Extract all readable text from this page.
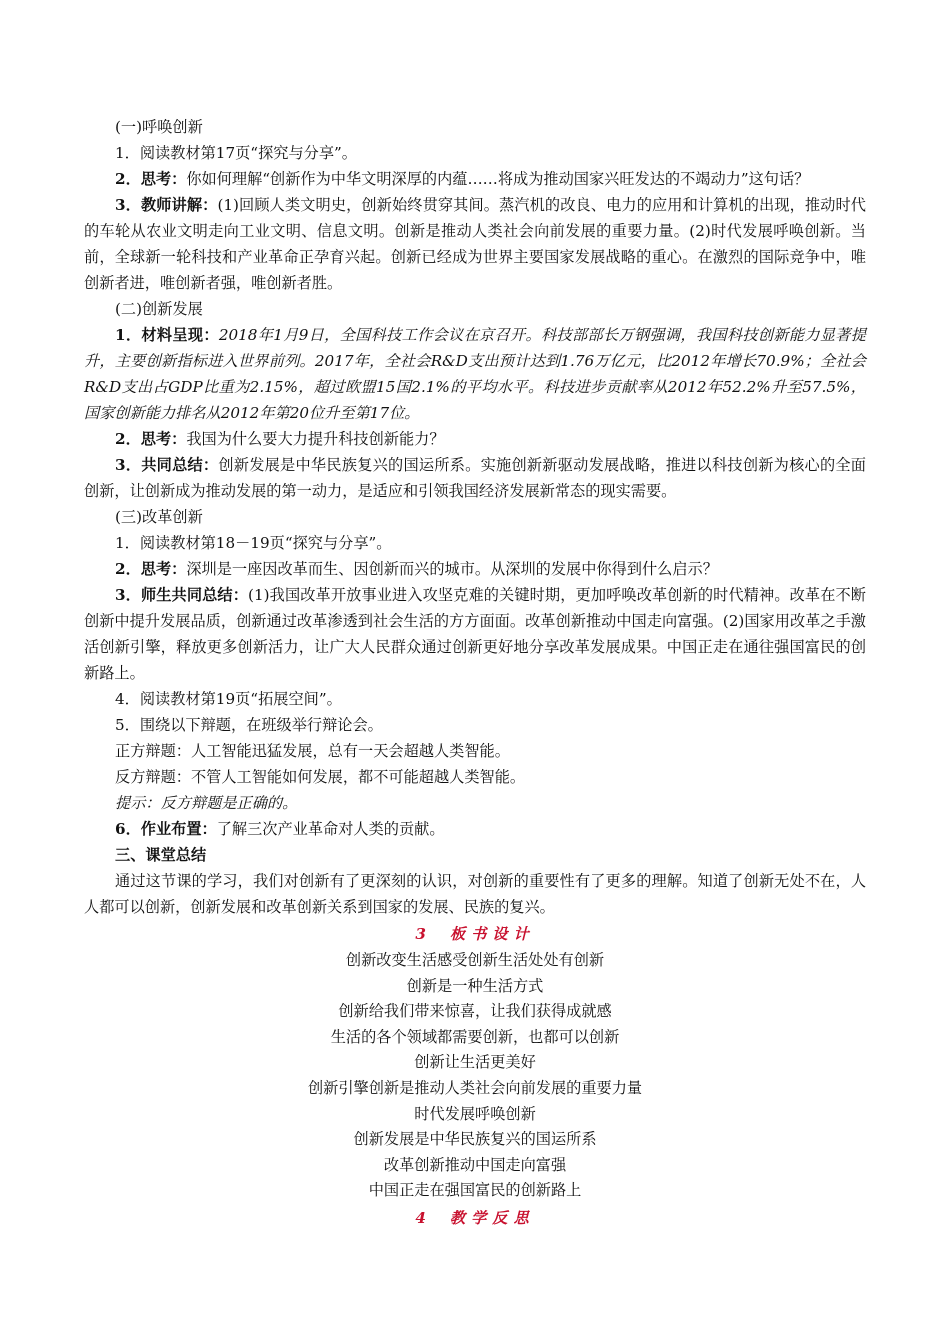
(一)呼唤创新
1．阅读教材第17页“探究与分享”。
2．思考：你如何理解“创新作为中华文明深厚的内蕴……将成为推动国家兴旺发达的不竭动力”这句话？
3．教师讲解：(1)回顾人类文明史，创新始终贯穿其间。蒸汽机的改良、电力的应用和计算机的出现，推动时代的车轮从农业文明走向工业文明、信息文明。创新是推动人类社会向前发展的重要力量。(2)时代发展呼唤创新。当前，全球新一轮科技和产业革命正孕育兴起。创新已经成为世界主要国家发展战略的重心。在激烈的国际竞争中，唯创新者进，唯创新者强，唯创新者胜。
(二)创新发展
1．材料呈现：2018年1月9日，全国科技工作会议在京召开。科技部部长万钢强调，我国科技创新能力显著提升，主要创新指标进入世界前列。2017年，全社会R&D支出预计达到1.76万亿元，比2012年增长70.9%；全社会R&D支出占GDP比重为2.15%，超过欧盟15国2.1%的平均水平。科技进步贡献率从2012年52.2%升至57.5%，国家创新能力排名从2012年第20位升至第17位。
2．思考：我国为什么要大力提升科技创新能力？
3．共同总结：创新发展是中华民族复兴的国运所系。实施创新新驱动发展战略，推进以科技创新为核心的全面创新，让创新成为推动发展的第一动力，是适应和引领我国经济发展新常态的现实需要。
(三)改革创新
1．阅读教材第18－19页“探究与分享”。
2．思考：深圳是一座因改革而生、因创新而兴的城市。从深圳的发展中你得到什么启示？
3．师生共同总结：(1)我国改革开放事业进入攻坚克难的关键时期，更加呼唤改革创新的时代精神。改革在不断创新中提升发展品质，创新通过改革渗透到社会生活的方方面面。改革创新推动中国走向富强。(2)国家用改革之手激活创新引擎，释放更多创新活力，让广大人民群众通过创新更好地分享改革发展成果。中国正走在通往强国富民的创新路上。
4．阅读教材第19页“拓展空间”。
5．围绕以下辩题，在班级举行辩论会。
正方辩题：人工智能迅猛发展，总有一天会超越人类智能。
反方辩题：不管人工智能如何发展，都不可能超越人类智能。
提示：反方辩题是正确的。
6．作业布置：了解三次产业革命对人类的贡献。
三、课堂总结
通过这节课的学习，我们对创新有了更深刻的认识，对创新的重要性有了更多的理解。知道了创新无处不在，人人都可以创新，创新发展和改革创新关系到国家的发展、民族的复兴。
3 板书设计
创新改变生活感受创新生活处处有创新
创新是一种生活方式
创新给我们带来惊喜，让我们获得成就感
生活的各个领域都需要创新，也都可以创新
创新让生活更美好
创新引擎创新是推动人类社会向前发展的重要力量
时代发展呼唤创新
创新发展是中华民族复兴的国运所系
改革创新推动中国走向富强
中国正走在强国富民的创新路上
4 教学反思
